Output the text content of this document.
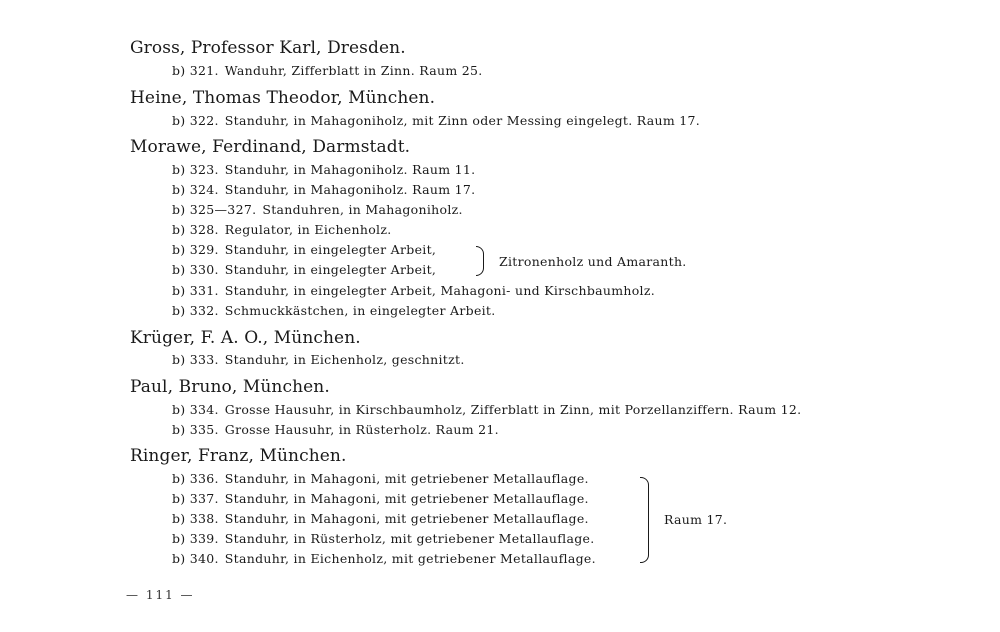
Gross, Professor Karl, Dresden.
b) 321. Wanduhr, Zifferblatt in Zinn. Raum 25.
Heine, Thomas Theodor, München.
b) 322. Standuhr, in Mahagoniholz, mit Zinn oder Messing eingelegt. Raum 17.
Morawe, Ferdinand, Darmstadt.
b) 323. Standuhr, in Mahagoniholz. Raum 11.
b) 324. Standuhr, in Mahagoniholz. Raum 17.
b) 325—327. Standuhren, in Mahagoniholz.
b) 328. Regulator, in Eichenholz.
b) 329. Standuhr, in eingelegter Arbeit,
b) 330. Standuhr, in eingelegter Arbeit,
Zitronenholz und Amaranth.
b) 331. Standuhr, in eingelegter Arbeit, Mahagoni- und Kirschbaumholz.
b) 332. Schmuckkästchen, in eingelegter Arbeit.
Krüger, F. A. O., München.
b) 333. Standuhr, in Eichenholz, geschnitzt.
Paul, Bruno, München.
b) 334. Grosse Hausuhr, in Kirschbaumholz, Zifferblatt in Zinn, mit Porzellanziffern. Raum 12.
b) 335. Grosse Hausuhr, in Rüsterholz. Raum 21.
Ringer, Franz, München.
b) 336. Standuhr, in Mahagoni, mit getriebener Metallauflage.
b) 337. Standuhr, in Mahagoni, mit getriebener Metallauflage.
b) 338. Standuhr, in Mahagoni, mit getriebener Metallauflage.
b) 339. Standuhr, in Rüsterholz, mit getriebener Metallauflage.
b) 340. Standuhr, in Eichenholz, mit getriebener Metallauflage.
Raum 17.
— 111 —
